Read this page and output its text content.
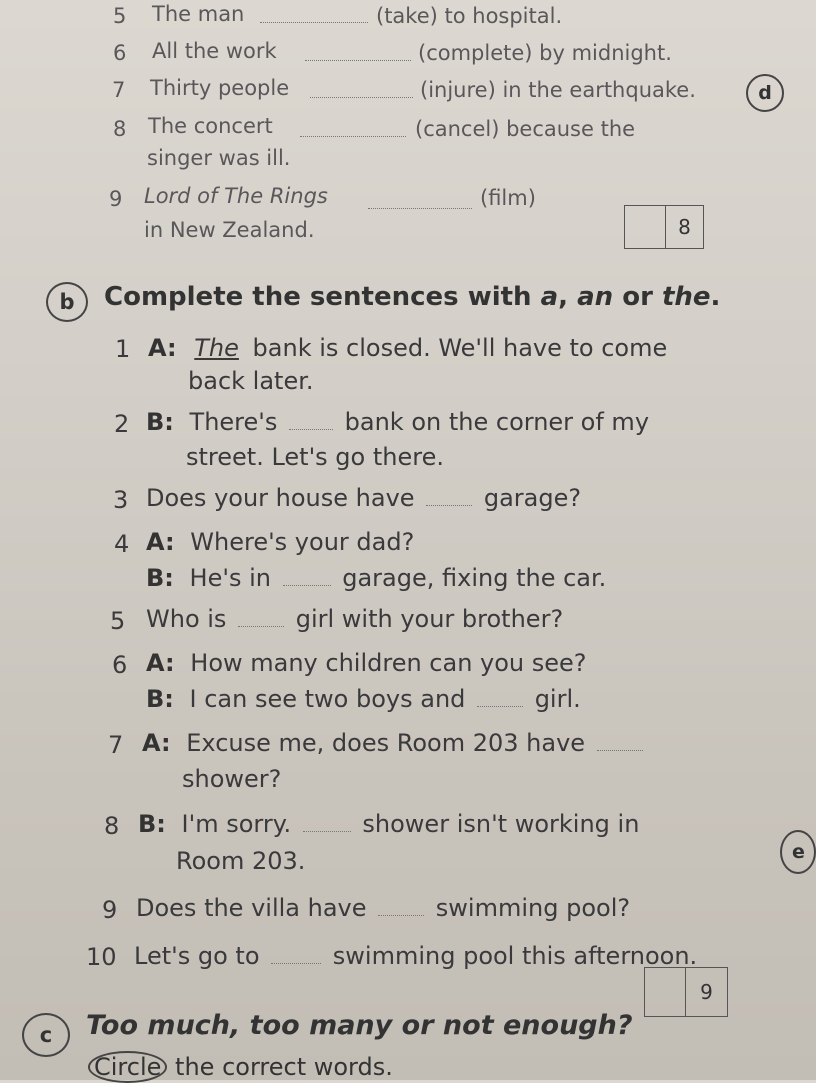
5 The man	(take) to hospital.
6 All the work	(complete) by midnight.
7 Thirty people	(injure) in the earthquake.
8 The concert	(cancel) because the
singer was ill.
9 Lord of The Rings	(film)
in New Zealand.
d
8
b Complete the sentences with a, an or the.
1 A: The bank is closed. We'll have to come
back later.
2 B: There's	bank on the corner of my
street. Let's go there.
3 Does your house have	garage?
4 A: Where's your dad?
B: He's in	garage, fixing the car.
5 Who is	girl with your brother?
6 A: How many children can you see?
B: I can see two boys and	girl.
7 A: Excuse me, does Room 203 have
shower?
8 B: I'm sorry.	shower isn't working in
Room 203.
9 Does the villa have	swimming pool?
10 Let's go to	swimming pool this afternoon.
9
e
c Too much, too many or not enough?
Circle the correct words.
